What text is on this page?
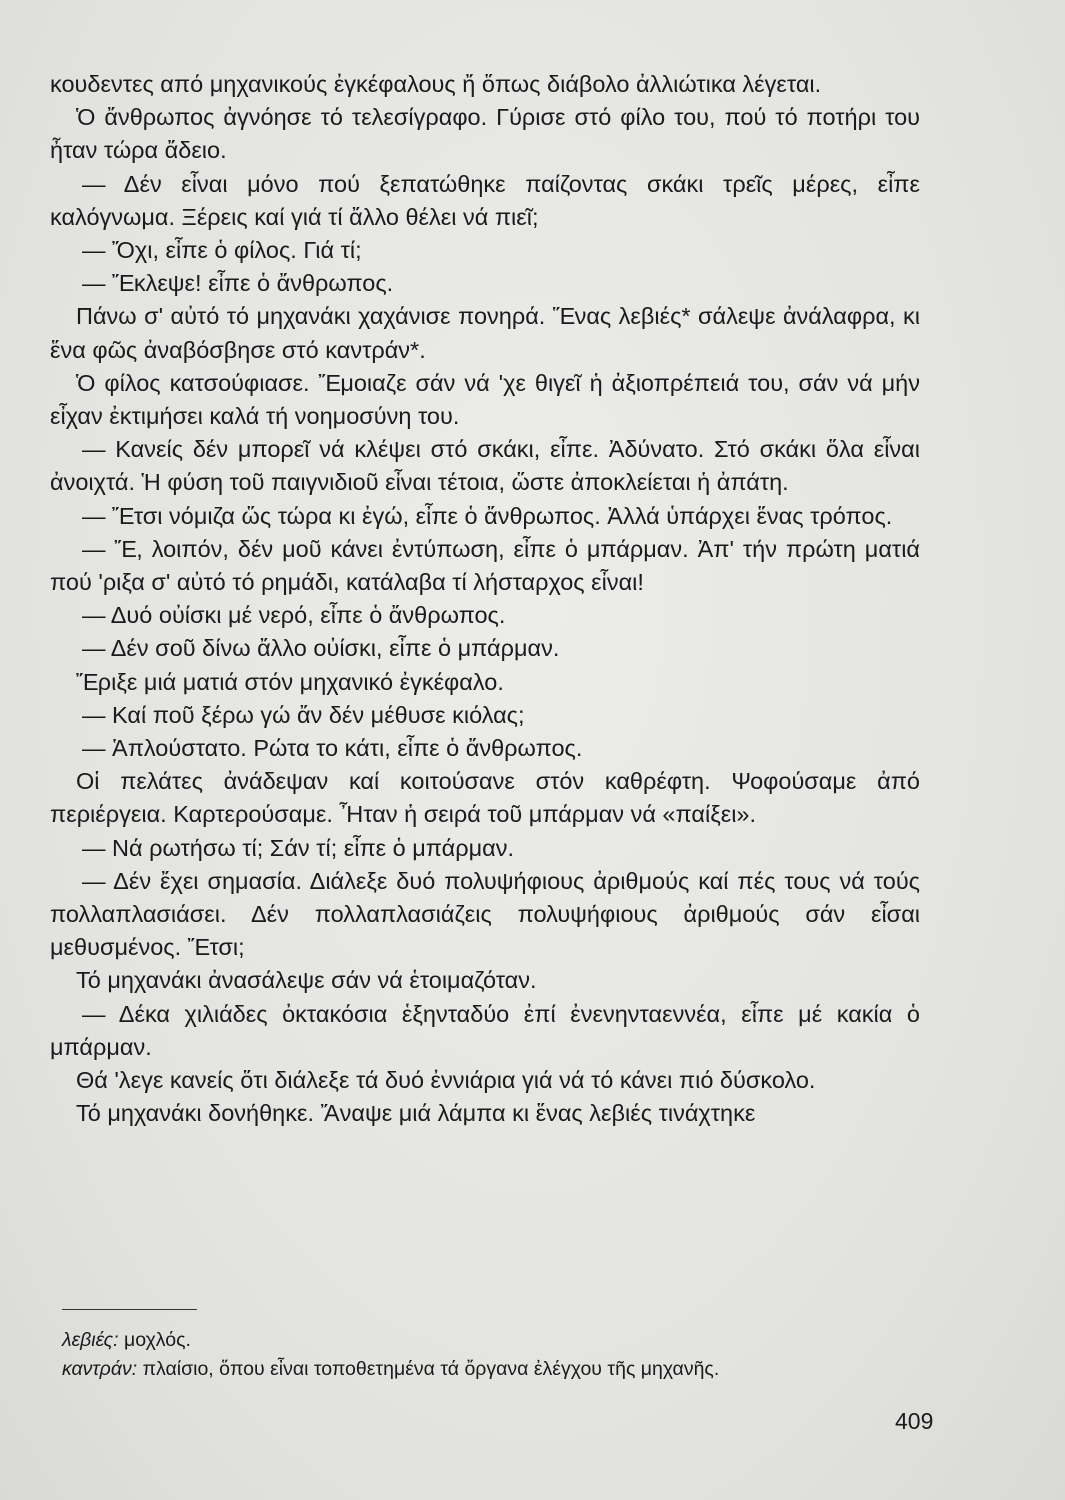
κουδεντες από μηχανικούς ἐγκέφαλους ἤ ὅπως διάβολο ἀλλιώτικα λέγεται.

Ὁ ἄνθρωπος ἀγνόησε τό τελεσίγραφο. Γύρισε στό φίλο του, πού τό ποτήρι του ἦταν τώρα ἄδειο.

— Δέν εἶναι μόνο πού ξεπατώθηκε παίζοντας σκάκι τρεῖς μέρες, εἶπε καλόγνωμα. Ξέρεις καί γιά τί ἄλλο θέλει νά πιεῖ;

— Ὄχι, εἶπε ὁ φίλος. Γιά τί;

— Ἔκλεψε! εἶπε ὁ ἄνθρωπος.

Πάνω σ' αὐτό τό μηχανάκι χαχάνισε πονηρά. Ἕνας λεβιές* σάλεψε ἀνάλαφρα, κι ἕνα φῶς ἀναβόσβησε στό καντράν*.

Ὁ φίλος κατσούφιασε. Ἔμοιαζε σάν νά 'χε θιγεῖ ἡ ἀξιοπρέπειά του, σάν νά μήν εἶχαν ἐκτιμήσει καλά τή νοημοσύνη του.

— Κανείς δέν μπορεῖ νά κλέψει στό σκάκι, εἶπε. Ἀδύνατο. Στό σκάκι ὅλα εἶναι ἀνοιχτά. Ἡ φύση τοῦ παιγνιδιοῦ εἶναι τέτοια, ὥστε ἀποκλείεται ἡ ἀπάτη.

— Ἔτσι νόμιζα ὥς τώρα κι ἐγώ, εἶπε ὁ ἄνθρωπος. Ἀλλά ὑπάρχει ἕνας τρόπος.

— Ἔ, λοιπόν, δέν μοῦ κάνει ἐντύπωση, εἶπε ὁ μπάρμαν. Ἀπ' τήν πρώτη ματιά πού 'ριξα σ' αὐτό τό ρημάδι, κατάλαβα τί λήσταρχος εἶναι!

— Δυό οὐίσκι μέ νερό, εἶπε ὁ ἄνθρωπος.

— Δέν σοῦ δίνω ἄλλο οὐίσκι, εἶπε ὁ μπάρμαν.

Ἔριξε μιά ματιά στόν μηχανικό ἐγκέφαλο.

— Καί ποῦ ξέρω γώ ἄν δέν μέθυσε κιόλας;

— Ἁπλούστατο. Ρώτα το κάτι, εἶπε ὁ ἄνθρωπος.

Οἱ πελάτες ἀνάδεψαν καί κοιτούσανε στόν καθρέφτη. Ψοφούσαμε ἀπό περιέργεια. Καρτερούσαμε. Ἦταν ἡ σειρά τοῦ μπάρμαν νά «παίξει».

— Νά ρωτήσω τί; Σάν τί; εἶπε ὁ μπάρμαν.

— Δέν ἔχει σημασία. Διάλεξε δυό πολυψήφιους ἀριθμούς καί πές τους νά τούς πολλαπλασιάσει. Δέν πολλαπλασιάζεις πολυψήφιους ἀριθμούς σάν εἶσαι μεθυσμένος. Ἔτσι;

Τό μηχανάκι ἀνασάλεψε σάν νά ἑτοιμαζόταν.

— Δέκα χιλιάδες ὀκτακόσια ἑξηνταδύο ἐπί ἐνενηνταεννέα, εἶπε μέ κακία ὁ μπάρμαν.

Θά 'λεγε κανείς ὅτι διάλεξε τά δυό ἐννιάρια γιά νά τό κάνει πιό δύσκολο.

Τό μηχανάκι δονήθηκε. Ἄναψε μιά λάμπα κι ἕνας λεβιές τινάχτηκε

λεβιές: μοχλός.

καντράν: πλαίσιο, ὅπου εἶναι τοποθετημένα τά ὄργανα ἐλέγχου τῆς μηχανῆς.

409
